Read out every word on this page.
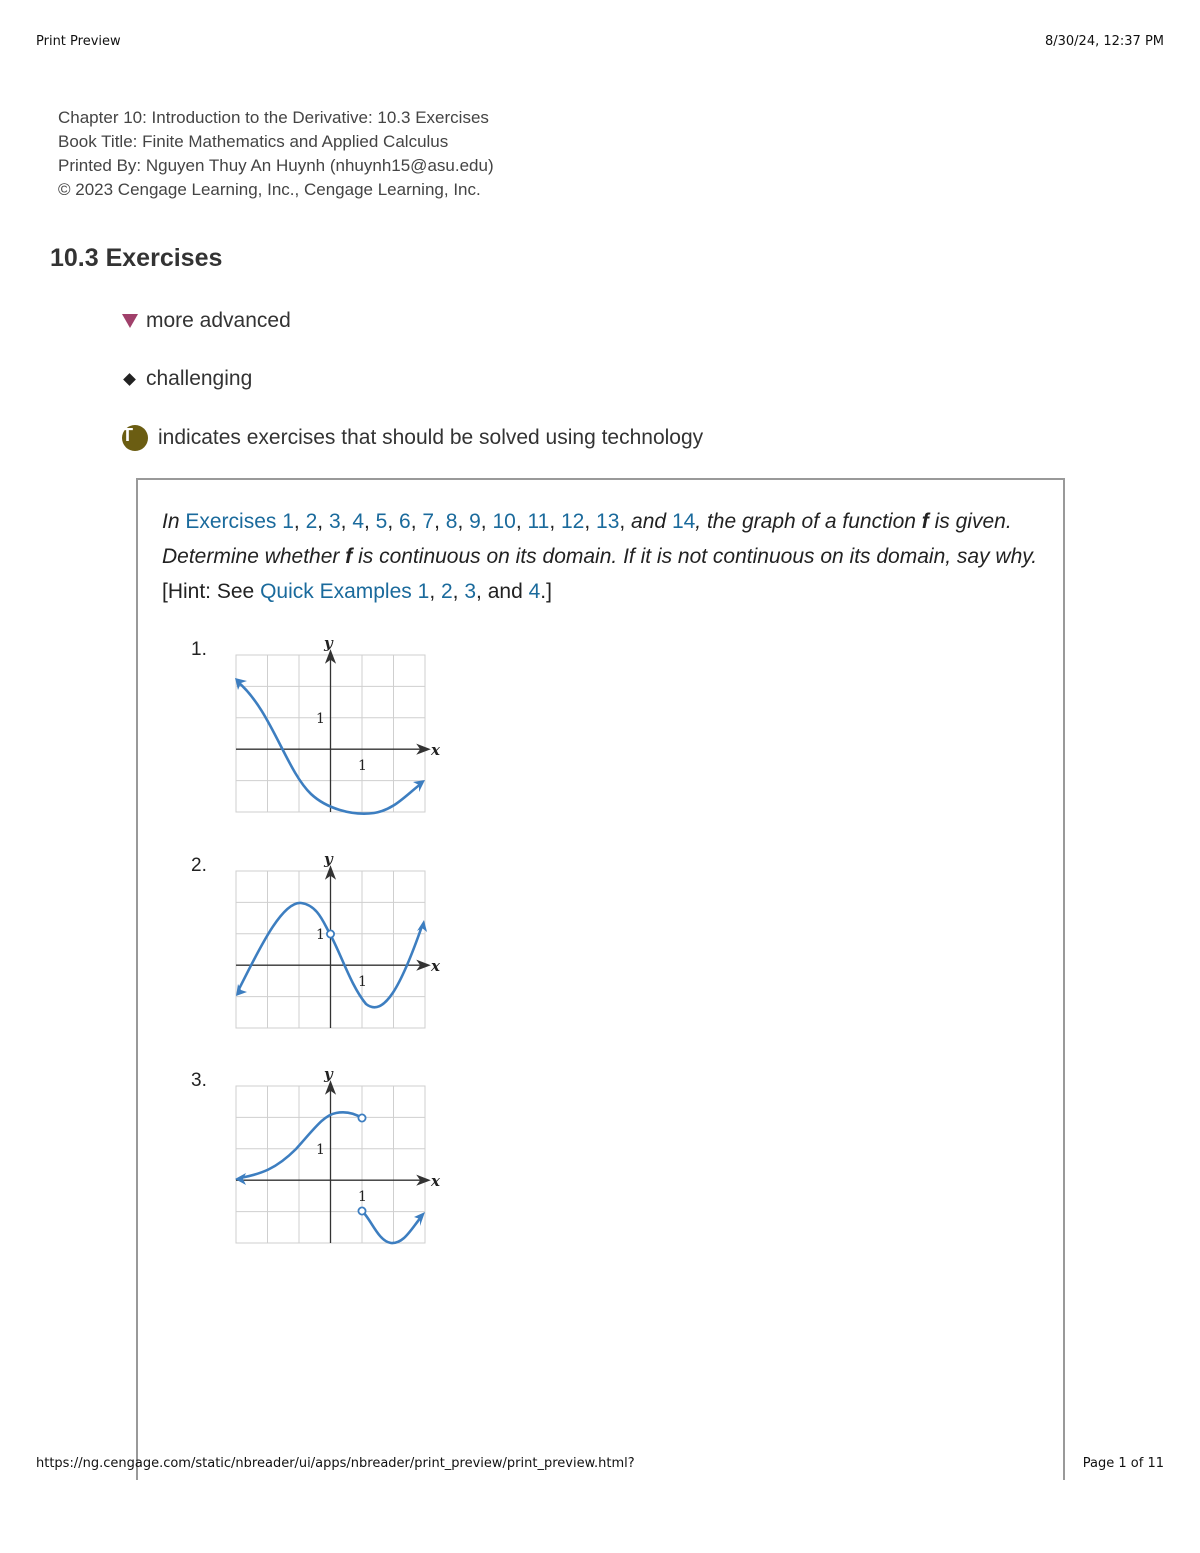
Print Preview	8/30/24, 12:37 PM
Chapter 10: Introduction to the Derivative: 10.3 Exercises
Book Title: Finite Mathematics and Applied Calculus
Printed By: Nguyen Thuy An Huynh (nhuynh15@asu.edu)
© 2023 Cengage Learning, Inc., Cengage Learning, Inc.
10.3 Exercises
more advanced
challenging
T	indicates exercises that should be solved using technology
In Exercises 1, 2, 3, 4, 5, 6, 7, 8, 9, 10, 11, 12, 13, and 14, the graph of a function f is given. Determine whether f is continuous on its domain. If it is not continuous on its domain, say why. [Hint: See Quick Examples 1, 2, 3, and 4.]
1.	y
x
1
1
2.	y
x
1
1
3.	y
x
1
1
https://ng.cengage.com/static/nbreader/ui/apps/nbreader/print_preview/print_preview.html?	Page 1 of 11
